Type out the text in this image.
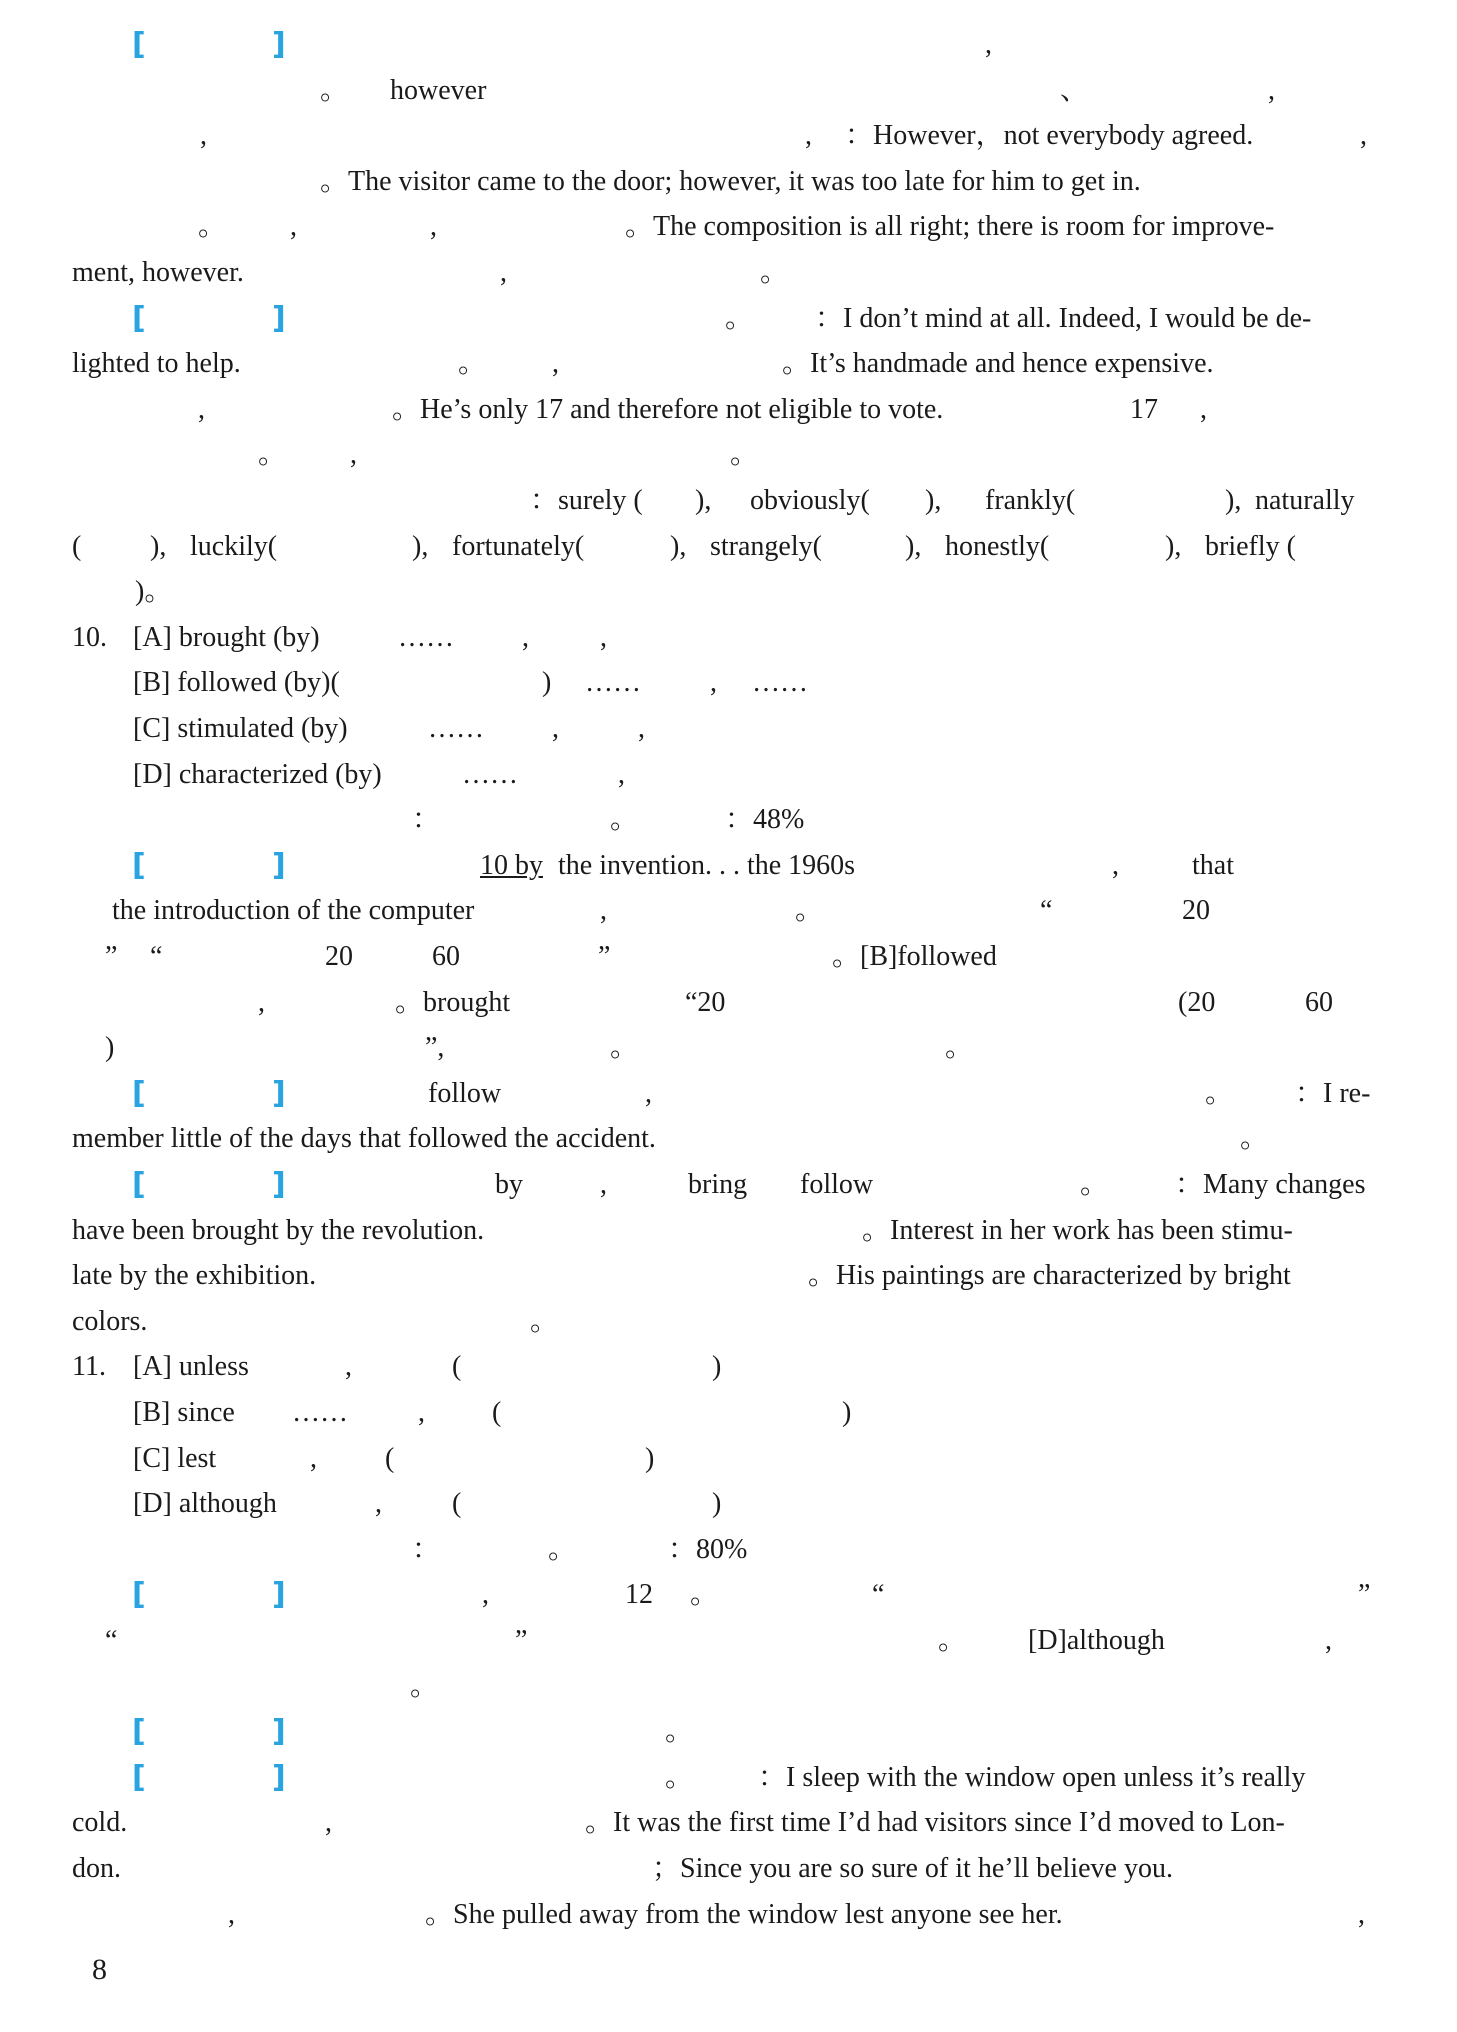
[	]	,
。 however	、	,
,	, ：However，not everybody agreed.	,
。The visitor came to the door; however, it was too late for him to get in.
。 ,	,	。The composition is all right; there is room for improve-
ment, however.	,	。
[	]	。 ：I don’t mind at all. Indeed, I would be de-
lighted to help.	。 ,	。It’s handmade and hence expensive.
,	。He’s only 17 and therefore not eligible to vote.	17 ,
。 ,	。
：surely ( ), obviously( ), frankly(	), naturally
( ), luckily(	), fortunately(	), strangely(	), honestly(	), briefly (
)。
10. [A] brought (by)	…… ,	,
[B] followed (by)(	) …… , ……
[C] stimulated (by)	…… ,	,
[D] characterized (by)	……	,
：	。	：48%
[	]	10 by the invention. . . the 1960s	,	that
the introduction of the computer	,	。	“	20
” “	20	60	”	。[B]followed
,	。brought	“20	(20	60
)	”,	。	。
[	]	follow	,	。 ：I re-
member little of the days that followed the accident.	。
[	]	by	,	bring follow	。 ：Many changes
have been brought by the revolution.	。Interest in her work has been stimu-
late by the exhibition.	。His paintings are characterized by bright
colors.	。
11. [A] unless	,	(	)
[B] since ……	, (	)
[C] lest	, (	)
[D] although	,	(	)
：	。	：80%
[	]	,	12 。	“	”
“	”	。 [D]although	,
。
[	]	。
[	]	。 ：I sleep with the window open unless it’s really
cold.	,	。It was the first time I’d had visitors since I’d moved to Lon-
don.	；Since you are so sure of it he’ll believe you.
,	。She pulled away from the window lest anyone see her.	,
8
